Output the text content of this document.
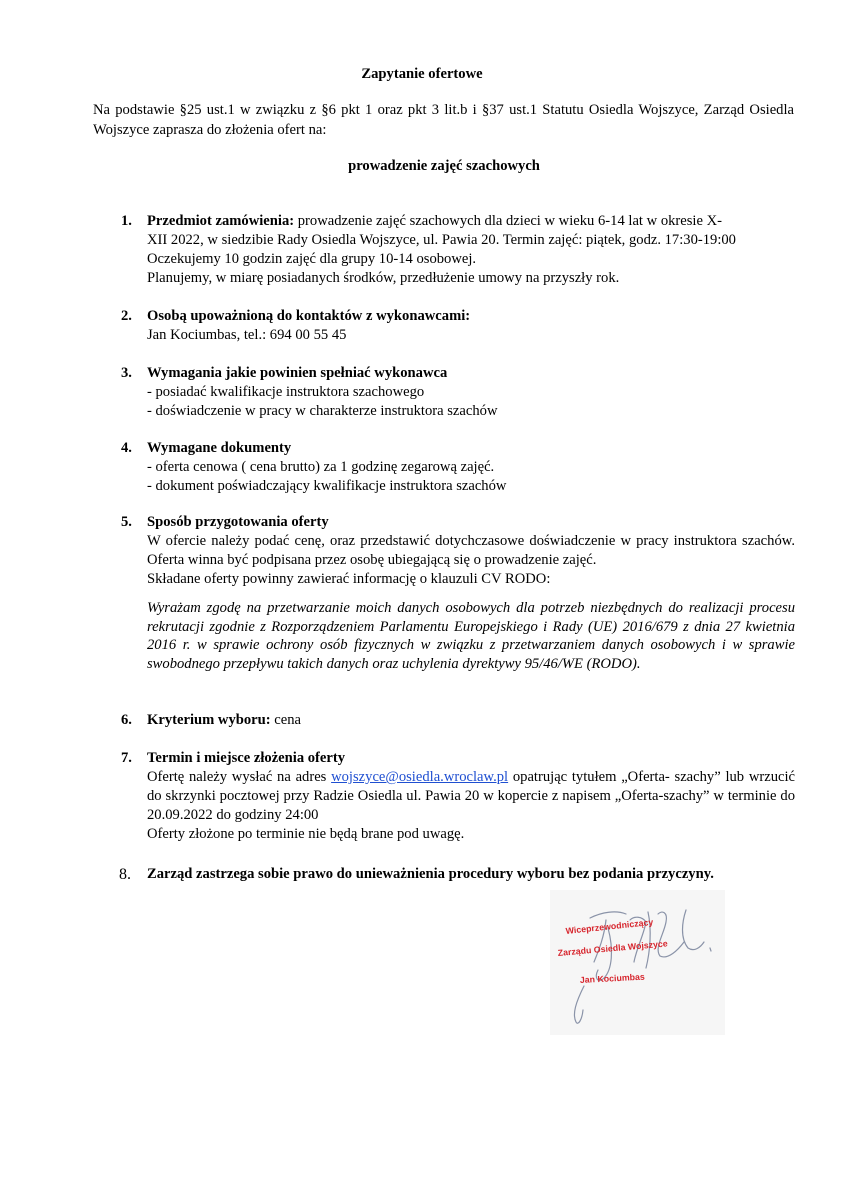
Zapytanie ofertowe
Na podstawie §25 ust.1 w związku z §6 pkt 1 oraz pkt 3 lit.b i §37 ust.1 Statutu Osiedla Wojszyce, Zarząd Osiedla Wojszyce zaprasza do złożenia ofert na:
prowadzenie zajęć szachowych
1. Przedmiot zamówienia: prowadzenie zajęć szachowych dla dzieci w wieku 6-14 lat w okresie X-
XII 2022, w siedzibie Rady Osiedla Wojszyce, ul. Pawia 20. Termin zajęć: piątek, godz. 17:30-19:00
Oczekujemy 10 godzin zajęć dla grupy 10-14 osobowej.
Planujemy, w miarę posiadanych środków, przedłużenie umowy na przyszły rok.
2. Osobą upoważnioną do kontaktów z wykonawcami:
Jan Kociumbas, tel.: 694 00 55 45
3. Wymagania jakie powinien spełniać wykonawca
- posiadać kwalifikacje instruktora szachowego
- doświadczenie w pracy w charakterze instruktora szachów
4. Wymagane dokumenty
- oferta cenowa ( cena brutto) za 1 godzinę zegarową zajęć.
- dokument poświadczający kwalifikacje instruktora szachów
5. Sposób przygotowania oferty
W ofercie należy podać cenę, oraz przedstawić dotychczasowe doświadczenie w pracy instruktora szachów. Oferta winna być podpisana przez osobę ubiegającą się o prowadzenie zajęć.
Składane oferty powinny zawierać informację o klauzuli CV RODO:
Wyrażam zgodę na przetwarzanie moich danych osobowych dla potrzeb niezbędnych do realizacji procesu rekrutacji zgodnie z Rozporządzeniem Parlamentu Europejskiego i Rady (UE) 2016/679 z dnia 27 kwietnia 2016 r. w sprawie ochrony osób fizycznych w związku z przetwarzaniem danych osobowych i w sprawie swobodnego przepływu takich danych oraz uchylenia dyrektywy 95/46/WE (RODO).
6. Kryterium wyboru: cena
7. Termin i miejsce złożenia oferty
Ofertę należy wysłać na adres wojszyce@osiedla.wroclaw.pl opatrując tytułem „Oferta- szachy” lub wrzucić do skrzynki pocztowej przy Radzie Osiedla ul. Pawia 20 w kopercie z napisem „Oferta-szachy” w terminie do 20.09.2022 do godziny 24:00
Oferty złożone po terminie nie będą brane pod uwagę.
8. Zarząd zastrzega sobie prawo do unieważnienia procedury wyboru bez podania przyczyny.
Wiceprzewodniczący
Zarządu Osiedla Wojszyce
Jan Kociumbas
